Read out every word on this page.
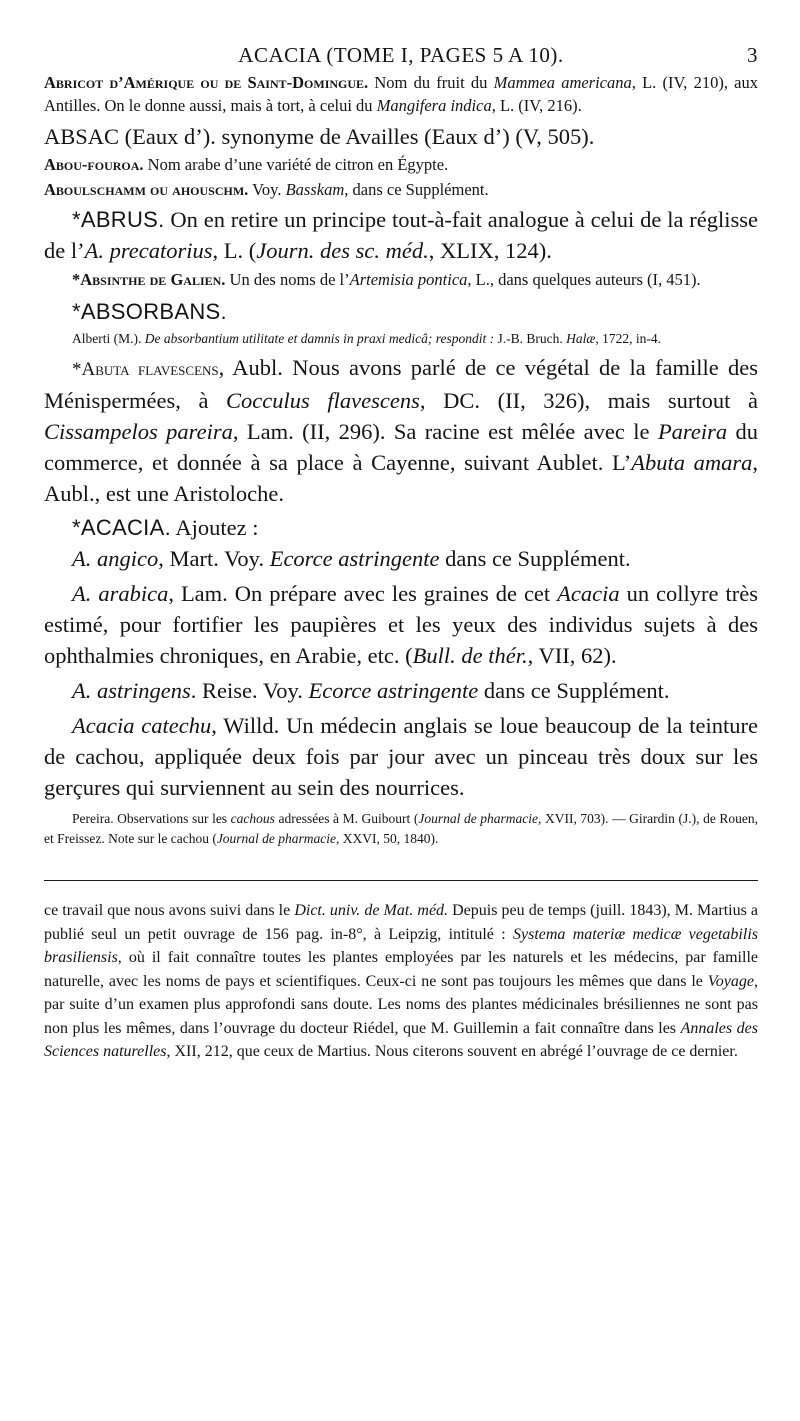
ACACIA (TOME I, PAGES 5 A 10).	3

Abricot d’Amérique ou de Saint-Domingue. Nom du fruit du Mammea americana, L. (IV, 210), aux Antilles. On le donne aussi, mais à tort, à celui du Mangifera indica, L. (IV, 216).

ABSAC (Eaux d’). synonyme de Availles (Eaux d’) (V, 505).

Abou-fouroa. Nom arabe d’une variété de citron en Égypte.

Aboulschamm ou ahouschm. Voy. Basskam, dans ce Supplément.

*ABRUS. On en retire un principe tout-à-fait analogue à celui de la réglisse de l’A. precatorius, L. (Journ. des sc. méd., XLIX, 124).

*Absinthe de Galien. Un des noms de l’Artemisia pontica, L., dans quelques auteurs (I, 451).

*ABSORBANS.

Alberti (M.). De absorbantium utilitate et damnis in praxi medicâ; respondit : J.-B. Bruch. Halæ, 1722, in-4.

*Abuta flavescens, Aubl. Nous avons parlé de ce végétal de la famille des Ménispermées, à Cocculus flavescens, DC. (II, 326), mais surtout à Cissampelos pareira, Lam. (II, 296). Sa racine est mêlée avec le Pareira du commerce, et donnée à sa place à Cayenne, suivant Aublet. L’Abuta amara, Aubl., est une Aristoloche.

*ACACIA. Ajoutez :

A. angico, Mart. Voy. Ecorce astringente dans ce Supplément.

A. arabica, Lam. On prépare avec les graines de cet Acacia un collyre très estimé, pour fortifier les paupières et les yeux des individus sujets à des ophthalmies chroniques, en Arabie, etc. (Bull. de thér., VII, 62).

A. astringens. Reise. Voy. Ecorce astringente dans ce Supplément.

Acacia catechu, Willd. Un médecin anglais se loue beaucoup de la teinture de cachou, appliquée deux fois par jour avec un pinceau très doux sur les gerçures qui surviennent au sein des nourrices.

Pereira. Observations sur les cachous adressées à M. Guibourt (Journal de pharmacie, XVII, 703). — Girardin (J.), de Rouen, et Freissez. Note sur le cachou (Journal de pharmacie, XXVI, 50, 1840).

ce travail que nous avons suivi dans le Dict. univ. de Mat. méd. Depuis peu de temps (juill. 1843), M. Martius a publié seul un petit ouvrage de 156 pag. in-8°, à Leipzig, intitulé : Systema materiæ medicæ vegetabilis brasiliensis, où il fait connaître toutes les plantes employées par les naturels et les médecins, par famille naturelle, avec les noms de pays et scientifiques. Ceux-ci ne sont pas toujours les mêmes que dans le Voyage, par suite d’un examen plus approfondi sans doute. Les noms des plantes médicinales brésiliennes ne sont pas non plus les mêmes, dans l’ouvrage du docteur Riédel, que M. Guillemin a fait connaître dans les Annales des Sciences naturelles, XII, 212, que ceux de Martius. Nous citerons souvent en abrégé l’ouvrage de ce dernier.
